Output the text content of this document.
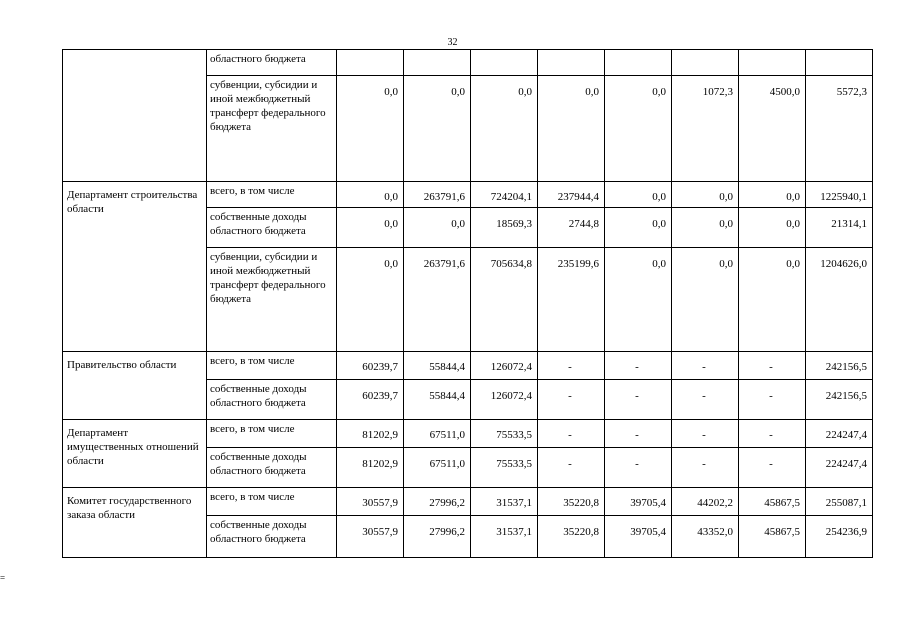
32
=
	областного бюджета								
	субвенции, субсидии и иной межбюджетный трансферт федерального бюджета	0,0	0,0	0,0	0,0	0,0	1072,3	4500,0	5572,3
Департамент строительства области	всего, в том числе	0,0	263791,6	724204,1	237944,4	0,0	0,0	0,0	1225940,1
	собственные доходы областного бюджета	0,0	0,0	18569,3	2744,8	0,0	0,0	0,0	21314,1
	субвенции, субсидии и иной межбюджетный трансферт федерального бюджета	0,0	263791,6	705634,8	235199,6	0,0	0,0	0,0	1204626,0
Правительство области	всего, в том числе	60239,7	55844,4	126072,4	-	-	-	-	242156,5
	собственные доходы областного бюджета	60239,7	55844,4	126072,4	-	-	-	-	242156,5
Департамент имущественных отношений области	всего, в том числе	81202,9	67511,0	75533,5	-	-	-	-	224247,4
	собственные доходы областного бюджета	81202,9	67511,0	75533,5	-	-	-	-	224247,4
Комитет государственного заказа области	всего, в том числе	30557,9	27996,2	31537,1	35220,8	39705,4	44202,2	45867,5	255087,1
	собственные доходы областного бюджета	30557,9	27996,2	31537,1	35220,8	39705,4	43352,0	45867,5	254236,9
